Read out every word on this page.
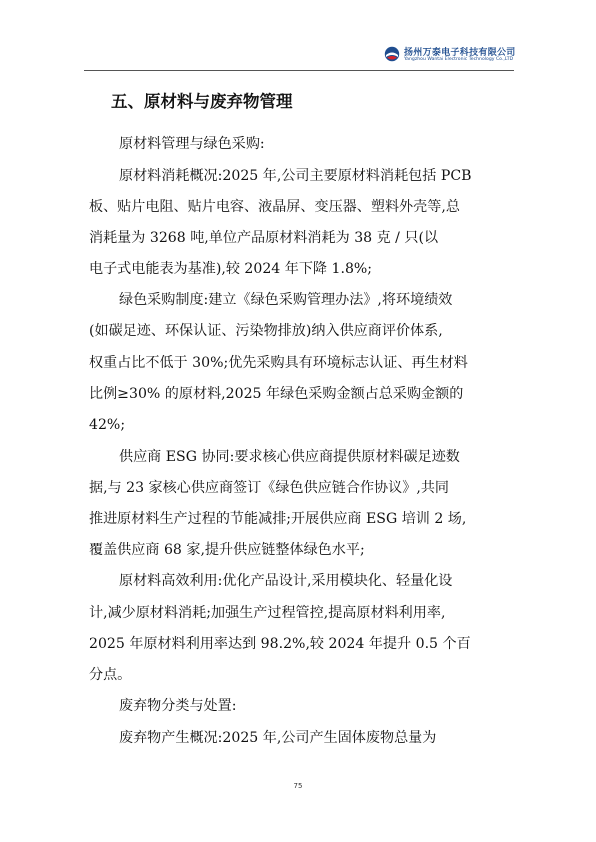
扬州万泰电子科技有限公司
Yangzhou Wantai Electronic Technology Co.,LTD
五、原材料与废弃物管理
原材料管理与绿色采购:
原材料消耗概况:2025 年,公司主要原材料消耗包括 PCB
板、贴片电阻、贴片电容、液晶屏、变压器、塑料外壳等,总
消耗量为 3268 吨,单位产品原材料消耗为 38 克 / 只(以
电子式电能表为基准),较 2024 年下降 1.8%;
绿色采购制度:建立《绿色采购管理办法》,将环境绩效
(如碳足迹、环保认证、污染物排放)纳入供应商评价体系,
权重占比不低于 30%;优先采购具有环境标志认证、再生材料
比例≥30% 的原材料,2025 年绿色采购金额占总采购金额的
42%;
供应商 ESG 协同:要求核心供应商提供原材料碳足迹数
据,与 23 家核心供应商签订《绿色供应链合作协议》,共同
推进原材料生产过程的节能减排;开展供应商 ESG 培训 2 场,
覆盖供应商 68 家,提升供应链整体绿色水平;
原材料高效利用:优化产品设计,采用模块化、轻量化设
计,减少原材料消耗;加强生产过程管控,提高原材料利用率,
2025 年原材料利用率达到 98.2%,较 2024 年提升 0.5 个百
分点。
废弃物分类与处置:
废弃物产生概况:2025 年,公司产生固体废物总量为
75
